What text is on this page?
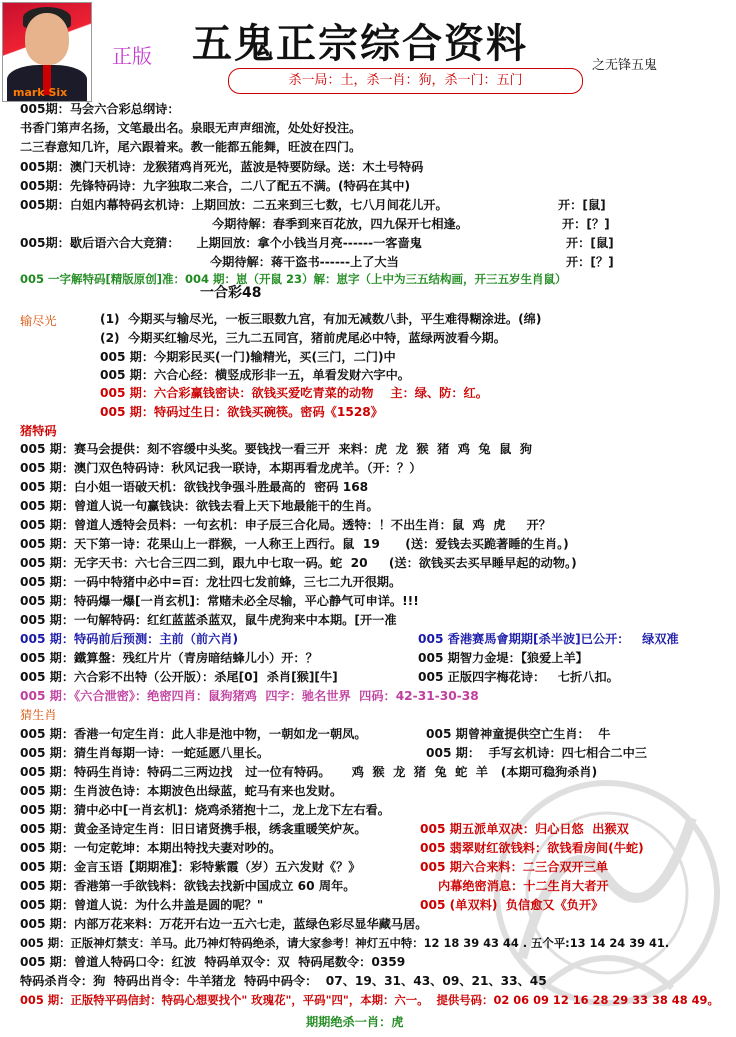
mark Six
正版 五鬼正宗综合资料	之无锋五鬼
杀一局：土，杀一肖：狗，杀一门：五门
005期：马会六合彩总纲诗：
书香门第声名扬，文笔最出名。泉眼无声声细流，处处好投注。
二三春意知几许，尾六跟着来。教一能都五能舞，旺波在四门。
005期：澳门天机诗：龙猴猪鸡肖死光，蓝波是特要防绿。送：木土号特码
005期：先锋特码诗：九字独取二来合，二八了配五不满。(特码在其中)
005期：白姐内幕特码玄机诗：上期回放：二五来到三七数，七八月间花儿开。	开：[鼠]
今期待解：春季到来百花放，四九保开七相逢。	开：[？]
005期：歇后语六合大竞猜：    上期回放：拿个小钱当月亮------一客啬鬼	开：[鼠]
今期待解：蒋干盗书------上了大当	开：[？]
005 一字解特码[精版原创]准：004 期：崽（开鼠 23）解：崽字（上中为三五结构画，开三五岁生肖鼠）
一合彩48
输尽光	(1)  今期买与输尽光，一板三眼数九宫，有加无减数八卦，平生难得糊涂进。(绵)
(2)  今期买红输尽光，三九二五同宫，猪前虎尾必中特，蓝绿两波看今期。
005 期：今期彩民买(一门)输精光，买(三门，二门)中
005 期：六合心经：横竖成形非一五，单看发财六字中。
005 期：六合彩赢钱密诀：欲钱买爱吃青菜的动物    主：绿、防：红。
005 期：特码过生日：欲钱买碗筷。密码《1528》
猪特码
005 期：赛马会提供：刻不容缓中头奖。要钱找一看三开  来料：虎  龙  猴  猪  鸡  兔  鼠  狗
005 期：澳门双色特码诗：秋风记我一联诗，本期再看龙虎羊。（开：？）
005 期：白小姐一语破天机：欲钱找争强斗胜最高的  密码 168
005 期：曾道人说一句赢钱诀：欲钱去看上天下地最能干的生肖。
005 期：曾道人透特会员料：一句玄机：申子辰三合化局。透特：！不出生肖：鼠  鸡  虎     开？
005 期：天下第一诗：花果山上一群猴，一人称王上西行。鼠  19      (送：爱钱去买跪著睡的生肖。)
005 期：无字天书：六七合三四二到，跟九中七取一码。蛇  20     (送：欲钱买去买早睡早起的动物。)
005 期：一码中特猪中必中=百：龙壮四七发前蜂，三七二九开很期。
005 期：特码爆一爆[一肖玄机]：常赌未必全尽输，平心静气可申详。!!!
005 期：一句解特码：红红蓝蓝杀蓝双，鼠牛虎狗来中本期。[开一准
005 期：特码前后预测：主前（前六肖)	005 香港赛馬會期期[杀半波]已公开：   绿双准
005 期：鐵算盤：残红片片（青房暗结蜂儿小）开：？	005 期智力金堤：【狼爱上羊】
005 期：六合彩不出特（公开版）：杀尾[0]  杀肖[猴][牛]	005 正版四字梅花诗：   七折八扣。
005 期：《六合泄密》：绝密四肖：鼠狗猪鸡  四字：驰名世界  四码：42-31-30-38
猜生肖
005 期：香港一句定生肖：此人非是池中物，一朝如龙一朝凤。	005 期曾神童提供空亡生肖：  牛
005 期：猜生肖每期一诗：一蛇延愿八里长。	005 期：  手写玄机诗：四七相合二中三
005 期：特码生肖诗：特码二三两边找   过一位有特码。     鸡  猴  龙  猪  兔  蛇  羊   (本期可稳狗杀肖)
005 期：生肖波色诗：本期波色出绿蓝，蛇马有来也发财。
005 期：猜中必中[一肖玄机]：烧鸡杀猪抱十二，龙上龙下左右看。
005 期：黄金圣诗定生肖：旧日诸贤携手根，绣衾重暖笑炉灰。	005 期五派单双决：归心日悠  出猴双
005 期：一句定乾坤：本期出特找夫妻对吵的。	005 翡翠财红欲钱料：欲钱看房间(牛蛇)
005 期：金言玉语【期期准】：彩特紫霞（岁）五六发财《？》	005 期六合来料：二三合双开三单
005 期：香港第一手欲钱料：欲钱去找新中国成立 60 周年。	内幕绝密消息：十二生肖大者开
005 期：曾道人说：为什么井盖是圆的呢？"	005 (单双料)  负信愈又《负开》
005 期：内部万花来料：万花开右边一五六七走，蓝绿色彩尽显华藏马居。
005 期：正版神灯禁支：羊马。此乃神灯特码绝杀，请大家参考！神灯五中特：12 18 39 43 44 . 五个平:13 14 24 39 41.
005 期：曾道人特码口令：红波  特码单双令：双  特码尾数令：0359
特码杀肖令：狗  特码出肖令：牛羊猪龙  特码中码令：  07、19、31、43、09、21、33、45
005 期：正版特平码信封：特码心想要找个" 玫瑰花"，平码"四"，本期：六一。  提供号码：02 06 09 12 16 28 29 33 38 48 49。
期期绝杀一肖：虎
